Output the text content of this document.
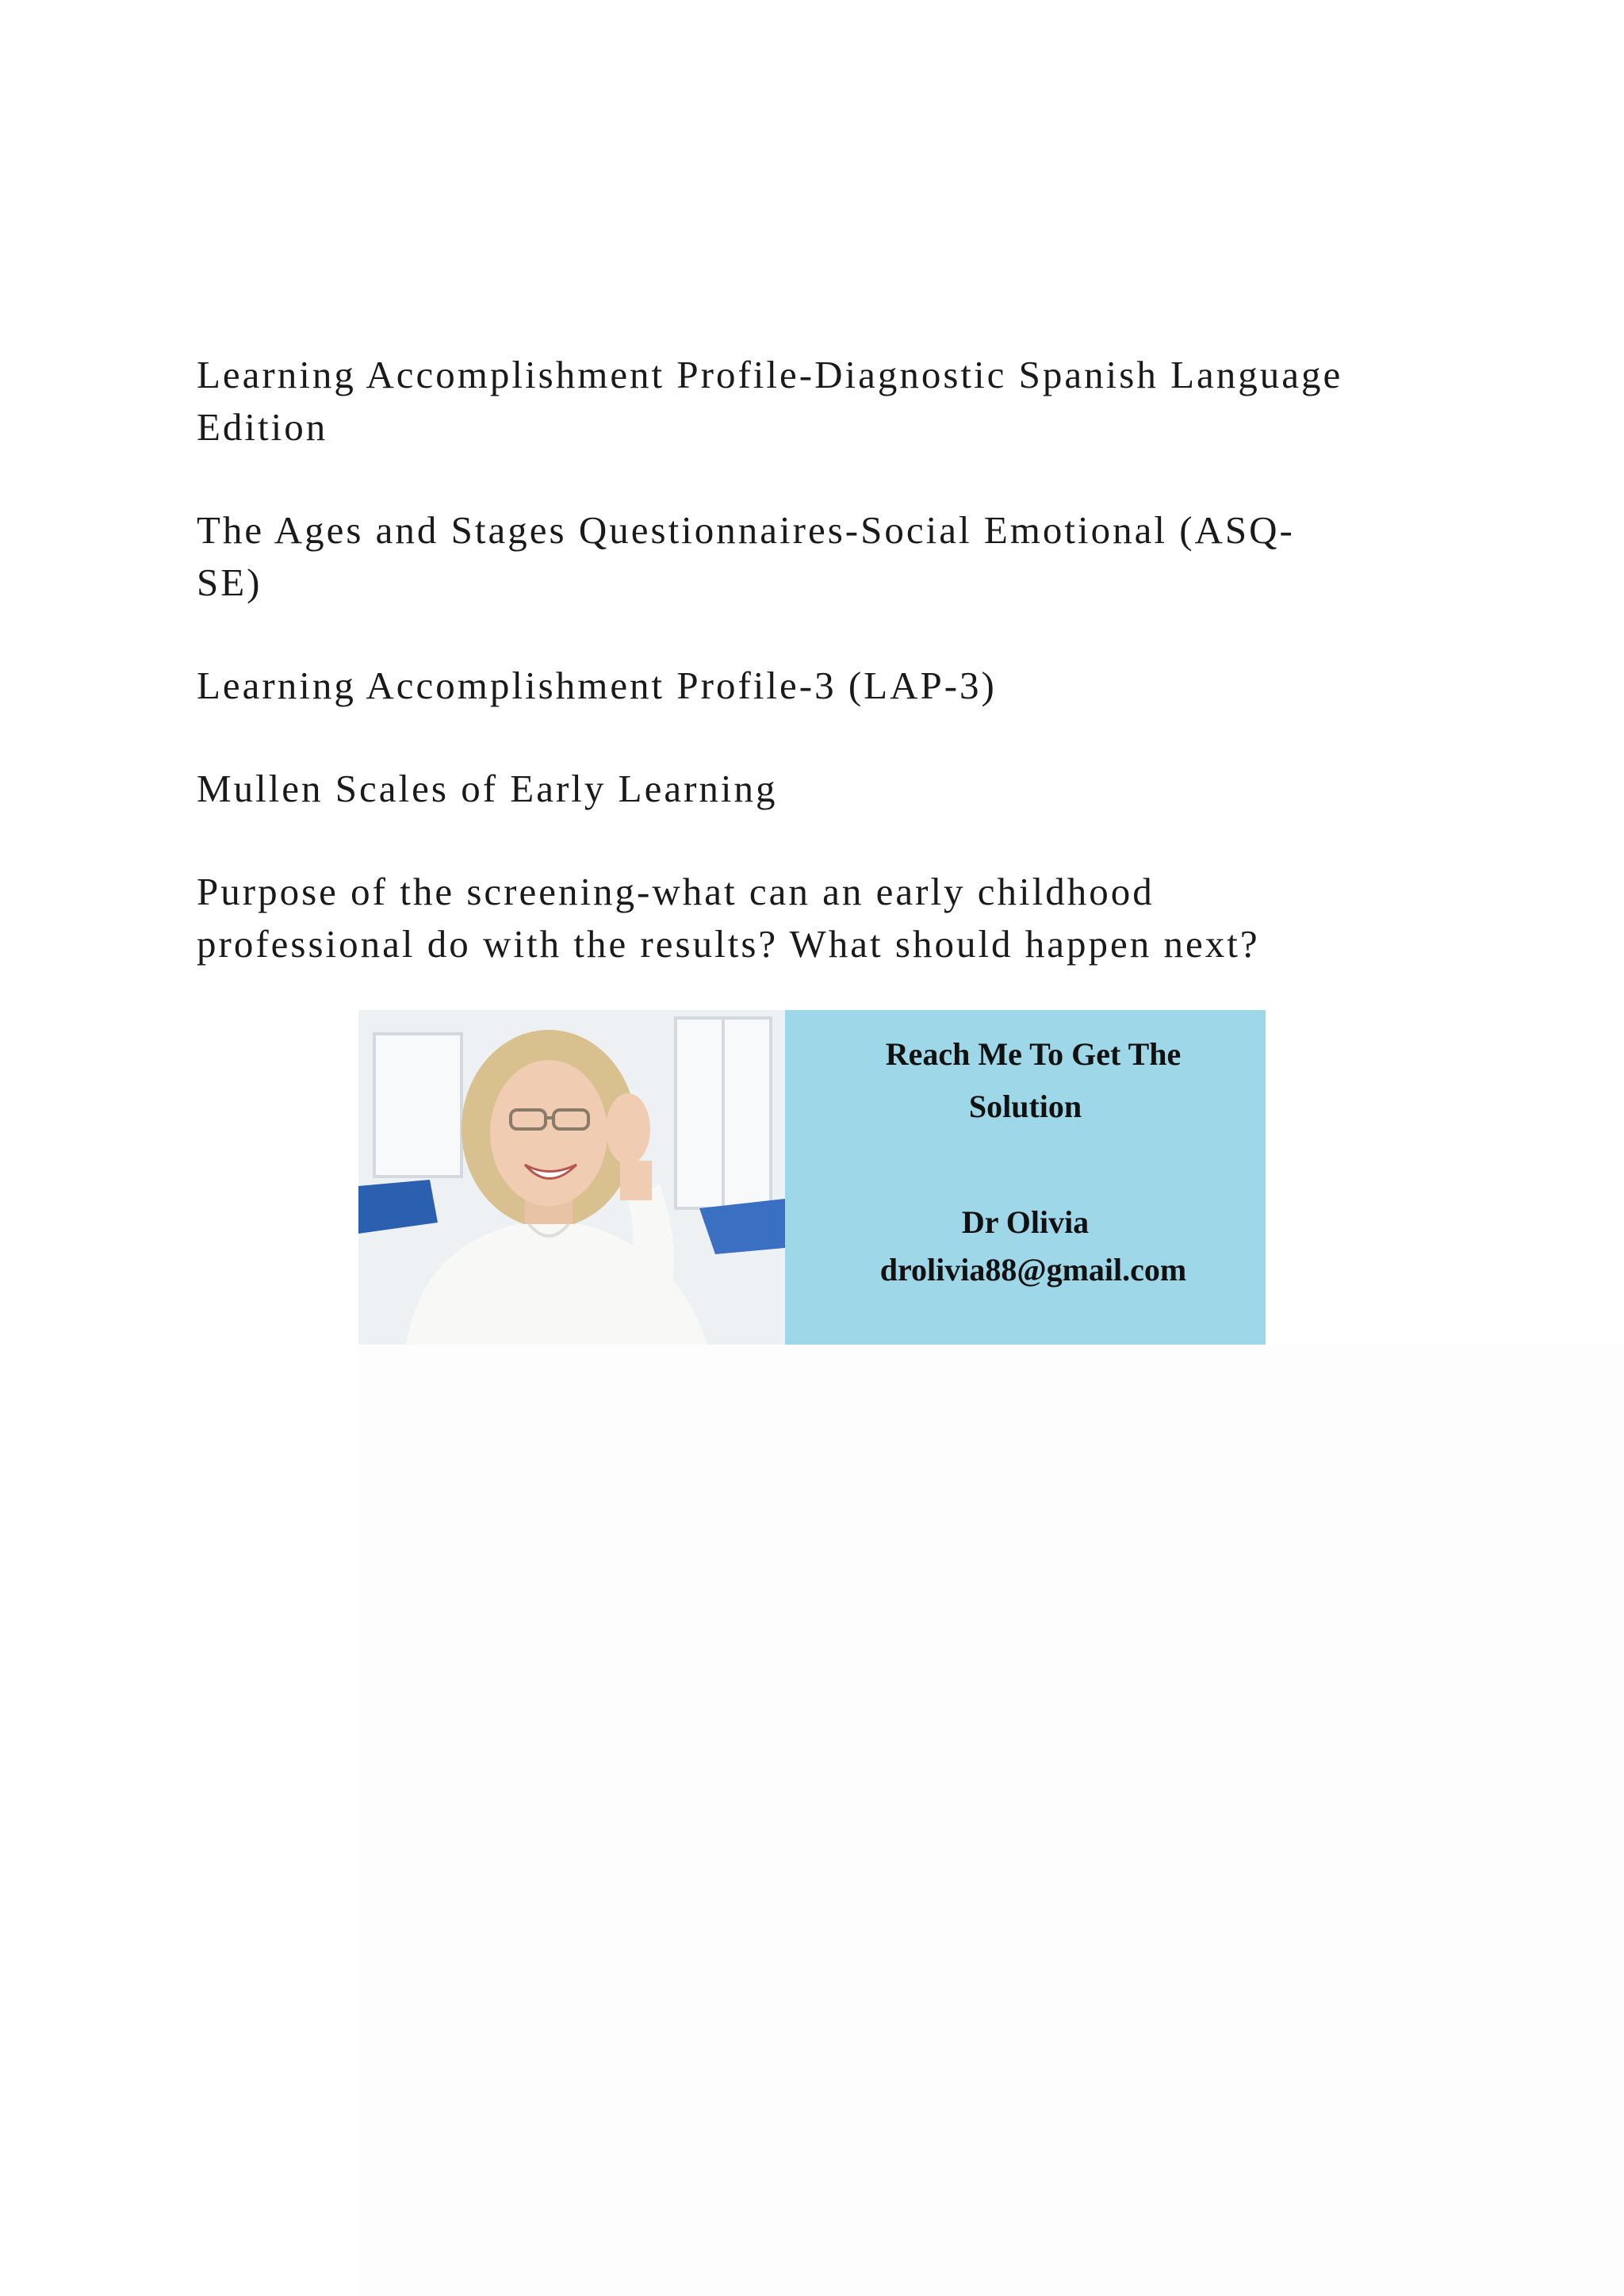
Learning Accomplishment Profile-Diagnostic Spanish Language
Edition

The Ages and Stages Questionnaires-Social Emotional (ASQ-
SE)

Learning Accomplishment Profile-3 (LAP-3)

Mullen Scales of Early Learning

Purpose of the screening-what can an early childhood
professional do with the results? What should happen next?

Reach Me To Get The
Solution
Dr Olivia
drolivia88@gmail.com
